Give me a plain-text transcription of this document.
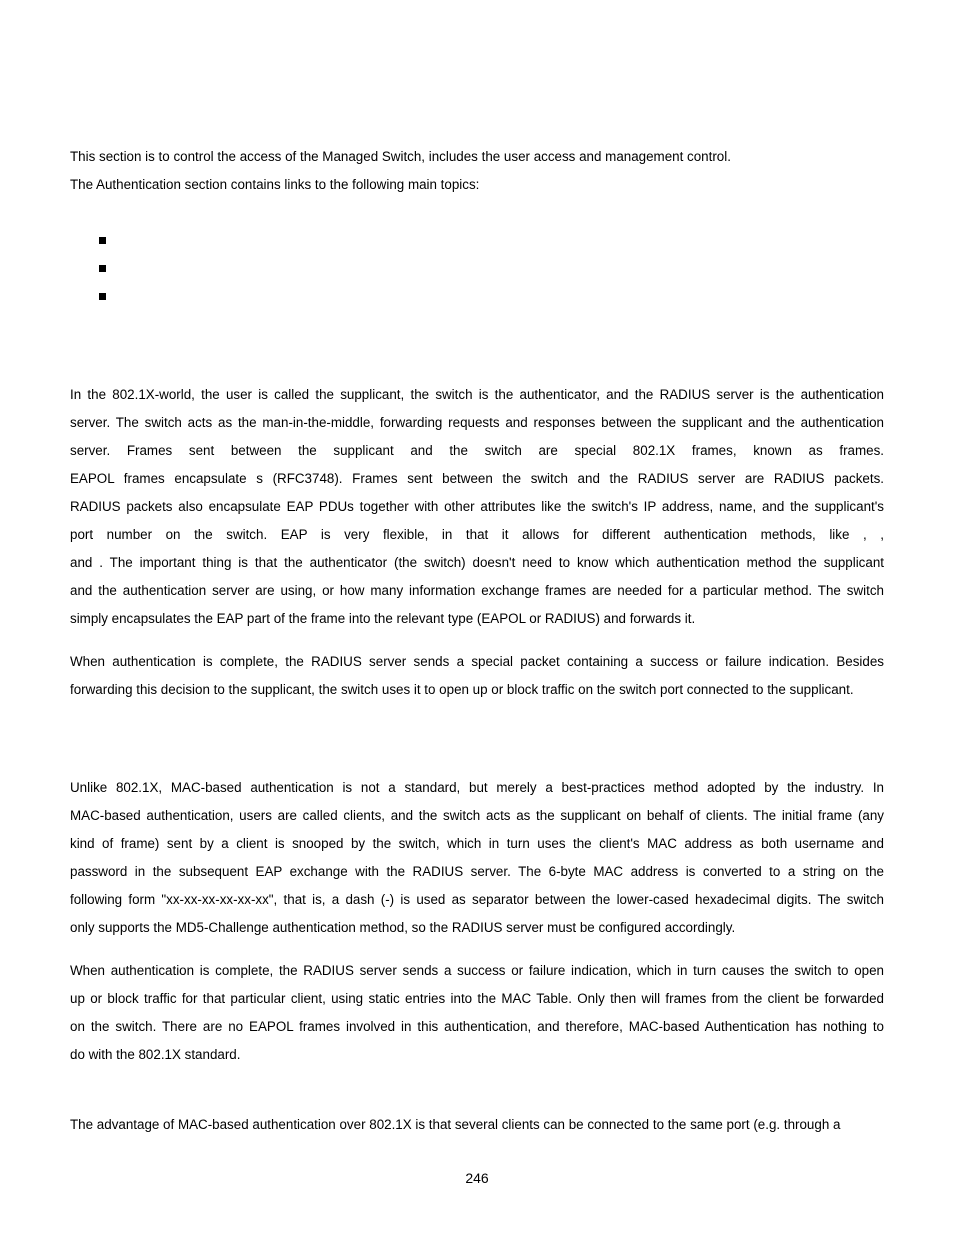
This section is to control the access of the Managed Switch, includes the user access and management control.

The Authentication section contains links to the following main topics:

In the 802.1X-world, the user is called the supplicant, the switch is the authenticator, and the RADIUS server is the authentication
server. The switch acts as the man-in-the-middle, forwarding requests and responses between the supplicant and the authentication
server. Frames sent between the supplicant and the switch are special 802.1X frames, known as frames.
EAPOL frames encapsulate s (RFC3748). Frames sent between the switch and the RADIUS server are RADIUS packets.
RADIUS packets also encapsulate EAP PDUs together with other attributes like the switch's IP address, name, and the supplicant's
port number on the switch. EAP is very flexible, in that it allows for different authentication methods, like , ,
and . The important thing is that the authenticator (the switch) doesn't need to know which authentication method the supplicant
and the authentication server are using, or how many information exchange frames are needed for a particular method. The switch
simply encapsulates the EAP part of the frame into the relevant type (EAPOL or RADIUS) and forwards it.
When authentication is complete, the RADIUS server sends a special packet containing a success or failure indication. Besides
forwarding this decision to the supplicant, the switch uses it to open up or block traffic on the switch port connected to the supplicant.
Unlike 802.1X, MAC-based authentication is not a standard, but merely a best-practices method adopted by the industry. In
MAC-based authentication, users are called clients, and the switch acts as the supplicant on behalf of clients. The initial frame (any
kind of frame) sent by a client is snooped by the switch, which in turn uses the client's MAC address as both username and
password in the subsequent EAP exchange with the RADIUS server. The 6-byte MAC address is converted to a string on the
following form "xx-xx-xx-xx-xx-xx", that is, a dash (-) is used as separator between the lower-cased hexadecimal digits. The switch
only supports the MD5-Challenge authentication method, so the RADIUS server must be configured accordingly.
When authentication is complete, the RADIUS server sends a success or failure indication, which in turn causes the switch to open
up or block traffic for that particular client, using static entries into the MAC Table. Only then will frames from the client be forwarded
on the switch. There are no EAPOL frames involved in this authentication, and therefore, MAC-based Authentication has nothing to
do with the 802.1X standard.
The advantage of MAC-based authentication over 802.1X is that several clients can be connected to the same port (e.g. through a
246
